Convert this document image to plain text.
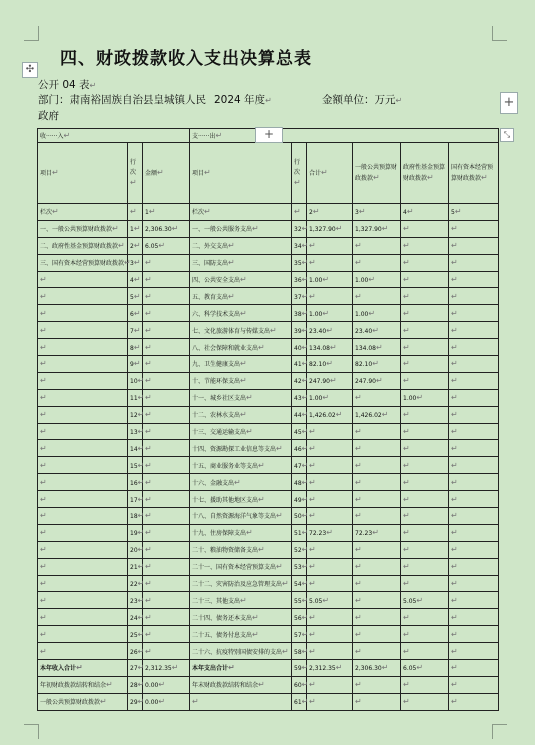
✣
+
+	⤡
四、财政拨款收入支出决算总表
公开 04 表↵
部门：肃南裕固族自治县皇城镇人民政府
2024 年度↵	金额单位：万元↵
收······入↵			支······出↵					
项目↵	行次↵	金额↵	项目↵	行次↵	合计↵	一般公共预算财政拨款↵	政府性基金预算财政拨款↵	国有资本经营预算财政拨款↵
栏次↵	↵	1↵	栏次↵	↵	2↵	3↵	4↵	5↵
一、一般公共预算财政拨款↵	1↵	2,306.30↵	一、一般公共服务支出↵	32↵	1,327.90↵	1,327.90↵	↵	↵
二、政府性基金预算财政拨款↵	2↵	6.05↵	二、外交支出↵	34↵	↵	↵	↵	↵
三、国有资本经营预算财政拨款↵	3↵	↵	三、国防支出↵	35↵	↵	↵	↵	↵
↵	4↵	↵	四、公共安全支出↵	36↵	1.00↵	1.00↵	↵	↵
↵	5↵	↵	五、教育支出↵	37↵	↵	↵	↵	↵
↵	6↵	↵	六、科学技术支出↵	38↵	1.00↵	1.00↵	↵	↵
↵	7↵	↵	七、文化旅游体育与传媒支出↵	39↵	23.40↵	23.40↵	↵	↵
↵	8↵	↵	八、社会保障和就业支出↵	40↵	134.08↵	134.08↵	↵	↵
↵	9↵	↵	九、卫生健康支出↵	41↵	82.10↵	82.10↵	↵	↵
↵	10↵	↵	十、节能环保支出↵	42↵	247.90↵	247.90↵	↵	↵
↵	11↵	↵	十一、城乡社区支出↵	43↵	1.00↵	↵	1.00↵	↵
↵	12↵	↵	十二、农林水支出↵	44↵	1,426.02↵	1,426.02↵	↵	↵
↵	13↵	↵	十三、交通运输支出↵	45↵	↵	↵	↵	↵
↵	14↵	↵	十四、资源勘探工业信息等支出↵	46↵	↵	↵	↵	↵
↵	15↵	↵	十五、商业服务业等支出↵	47↵	↵	↵	↵	↵
↵	16↵	↵	十六、金融支出↵	48↵	↵	↵	↵	↵
↵	17↵	↵	十七、援助其他地区支出↵	49↵	↵	↵	↵	↵
↵	18↵	↵	十八、自然资源海洋气象等支出↵	50↵	↵	↵	↵	↵
↵	19↵	↵	十九、住房保障支出↵	51↵	72.23↵	72.23↵	↵	↵
↵	20↵	↵	二十、粮油物资储备支出↵	52↵	↵	↵	↵	↵
↵	21↵	↵	二十一、国有资本经营预算支出↵	53↵	↵	↵	↵	↵
↵	22↵	↵	二十二、灾害防治及应急管理支出↵	54↵	↵	↵	↵	↵
↵	23↵	↵	二十三、其他支出↵	55↵	5.05↵	↵	5.05↵	↵
↵	24↵	↵	二十四、债务还本支出↵	56↵	↵	↵	↵	↵
↵	25↵	↵	二十五、债务付息支出↵	57↵	↵	↵	↵	↵
↵	26↵	↵	二十六、抗疫特别国债安排的支出↵	58↵	↵	↵	↵	↵
本年收入合计↵	27↵	2,312.35↵	本年支出合计↵	59↵	2,312.35↵	2,306.30↵	6.05↵	↵
年初财政拨款结转和结余↵	28↵	0.00↵	年末财政拨款结转和结余↵	60↵	↵	↵	↵	↵
一般公共预算财政拨款↵	29↵	0.00↵	↵	61↵	↵	↵	↵	↵
